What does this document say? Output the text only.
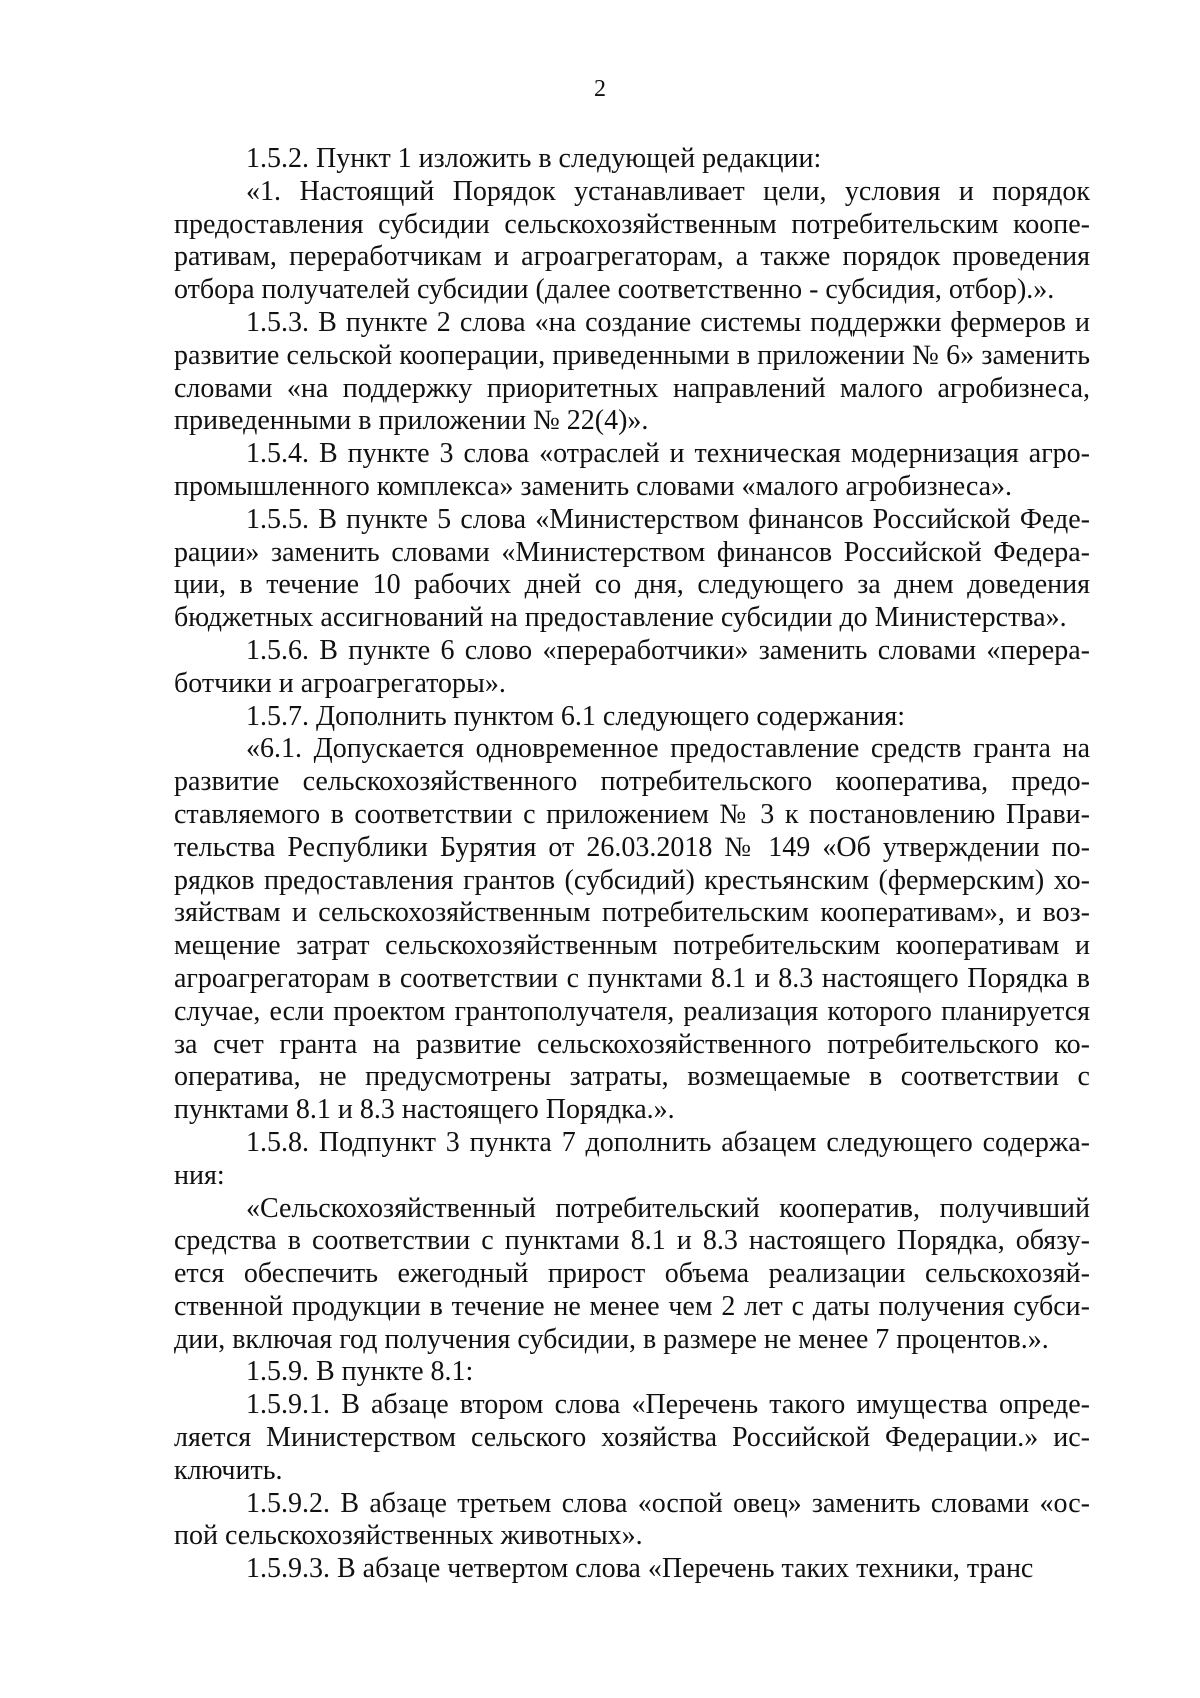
2

1.5.2. Пункт 1 изложить в следующей редакции:

«1. Настоящий Порядок устанавливает цели, условия и порядок предоставления субсидии сельскохозяйственным потребительским кооперативам, переработчикам и агроагрегаторам, а также порядок проведения отбора получателей субсидии (далее соответственно - субсидия, отбор).».

1.5.3. В пункте 2 слова «на создание системы поддержки фермеров и развитие сельской кооперации, приведенными в приложении № 6» заменить словами «на поддержку приоритетных направлений малого агробизнеса, приведенными в приложении № 22(4)».

1.5.4. В пункте 3 слова «отраслей и техническая модернизация агропромышленного комплекса» заменить словами «малого агробизнеса».

1.5.5. В пункте 5 слова «Министерством финансов Российской Федерации» заменить словами «Министерством финансов Российской Федерации, в течение 10 рабочих дней со дня, следующего за днем доведения бюджетных ассигнований на предоставление субсидии до Министерства».

1.5.6. В пункте 6 слово «переработчики» заменить словами «переработчики и агроагрегаторы».

1.5.7. Дополнить пунктом 6.1 следующего содержания:

«6.1. Допускается одновременное предоставление средств гранта на развитие сельскохозяйственного потребительского кооператива, предоставляемого в соответствии с приложением № 3 к постановлению Правительства Республики Бурятия от 26.03.2018 № 149 «Об утверждении порядков предоставления грантов (субсидий) крестьянским (фермерским) хозяйствам и сельскохозяйственным потребительским кооперативам», и возмещение затрат сельскохозяйственным потребительским кооперативам и агроагрегаторам в соответствии с пунктами 8.1 и 8.3 настоящего Порядка в случае, если проектом грантополучателя, реализация которого планируется за счет гранта на развитие сельскохозяйственного потребительского кооператива, не предусмотрены затраты, возмещаемые в соответствии с пунктами 8.1 и 8.3 настоящего Порядка.».

1.5.8. Подпункт 3 пункта 7 дополнить абзацем следующего содержания:

«Сельскохозяйственный потребительский кооператив, получивший средства в соответствии с пунктами 8.1 и 8.3 настоящего Порядка, обязуется обеспечить ежегодный прирост объема реализации сельскохозяйственной продукции в течение не менее чем 2 лет с даты получения субсидии, включая год получения субсидии, в размере не менее 7 процентов.».

1.5.9. В пункте 8.1:

1.5.9.1. В абзаце втором слова «Перечень такого имущества определяется Министерством сельского хозяйства Российской Федерации.» исключить.

1.5.9.2. В абзаце третьем слова «оспой овец» заменить словами «оспой сельскохозяйственных животных».

1.5.9.3. В абзаце четвертом слова «Перечень таких техники, транс
